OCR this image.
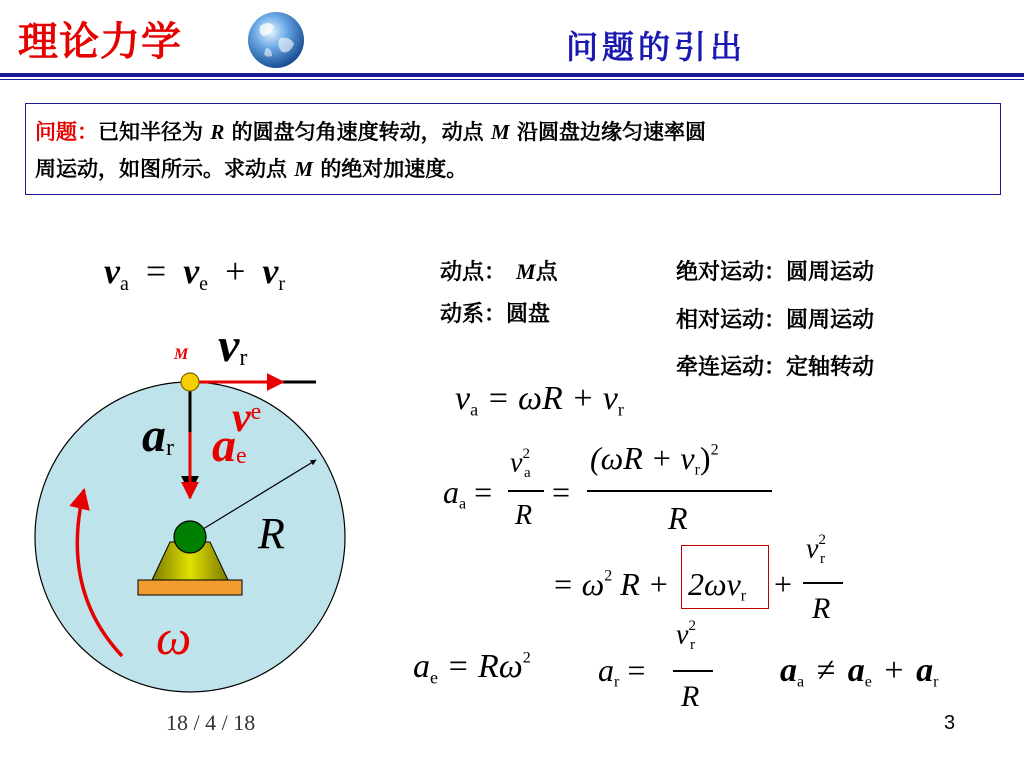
理论力学	问题的引出
问题：已知半径为 R 的圆盘匀角速度转动，动点 M 沿圆盘边缘匀速率圆
周运动，如图所示。求动点 M 的绝对加速度。
$v_a = v_e + v_r$	动点： M点
动系：圆盘
绝对运动：圆周运动
相对运动：圆周运动
牵连运动：定轴转动
M vr
$v^e$
ar ae
R
ω
$v_a = \omega R + v_r$
$a_a$ =
$v^2_a$
R
=
$(\omega R + v_r)^2$
R
= $\omega^2$ $R + 2\omega v_r$ +
$v^2_r$
R
$a_e = R\omega^2$ $a_r$ =
$v^2_r$
R
$a_a \ne a_e + a_r$
18 / 4 / 18	3
